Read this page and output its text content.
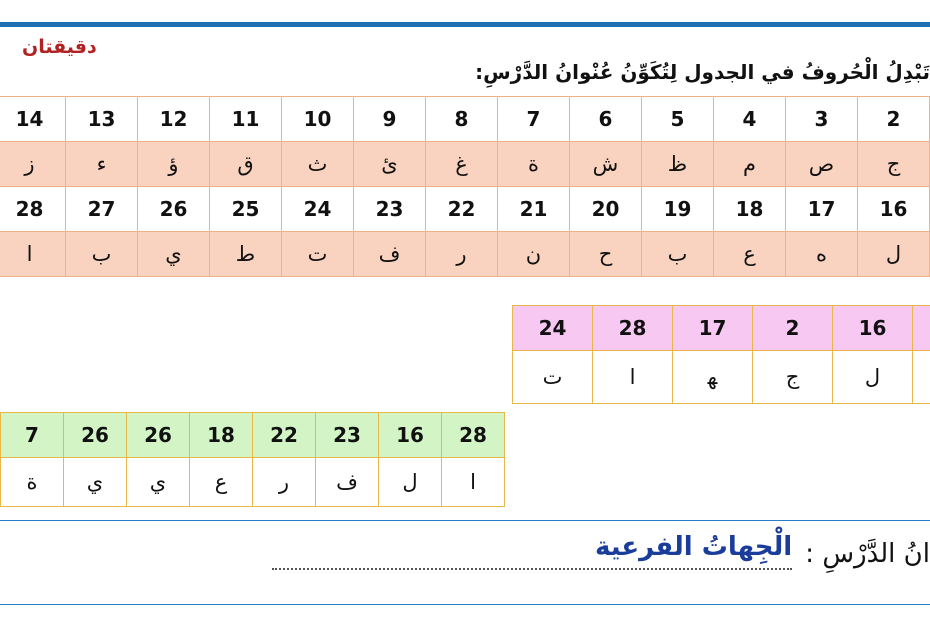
دقيقتان
َتَبْدِلُ الْحُروفُ في الجدول لِتُكَوِّنُ عُنْوانُ الدَّرْسِ:
14	13	12	11	10	9	8	7	6	5	4	3	2	
ز	ء	ؤ	ق	ث	ئ	غ	ة	ش	ظ	م	ص	ج	
28	27	26	25	24	23	22	21	20	19	18	17	16	
ا	ب	ي	ط	ت	ف	ر	ن	ح	ب	ع	ه	ل	
24	28	17	2	16	
ت	ا	ﻬ	ج	ل	
7	26	26	18	22	23	16	28
ة	ي	ي	ع	ر	ف	ل	ا
انُ الدَّرْسِ :
الْجِهاتُ الفرعية
